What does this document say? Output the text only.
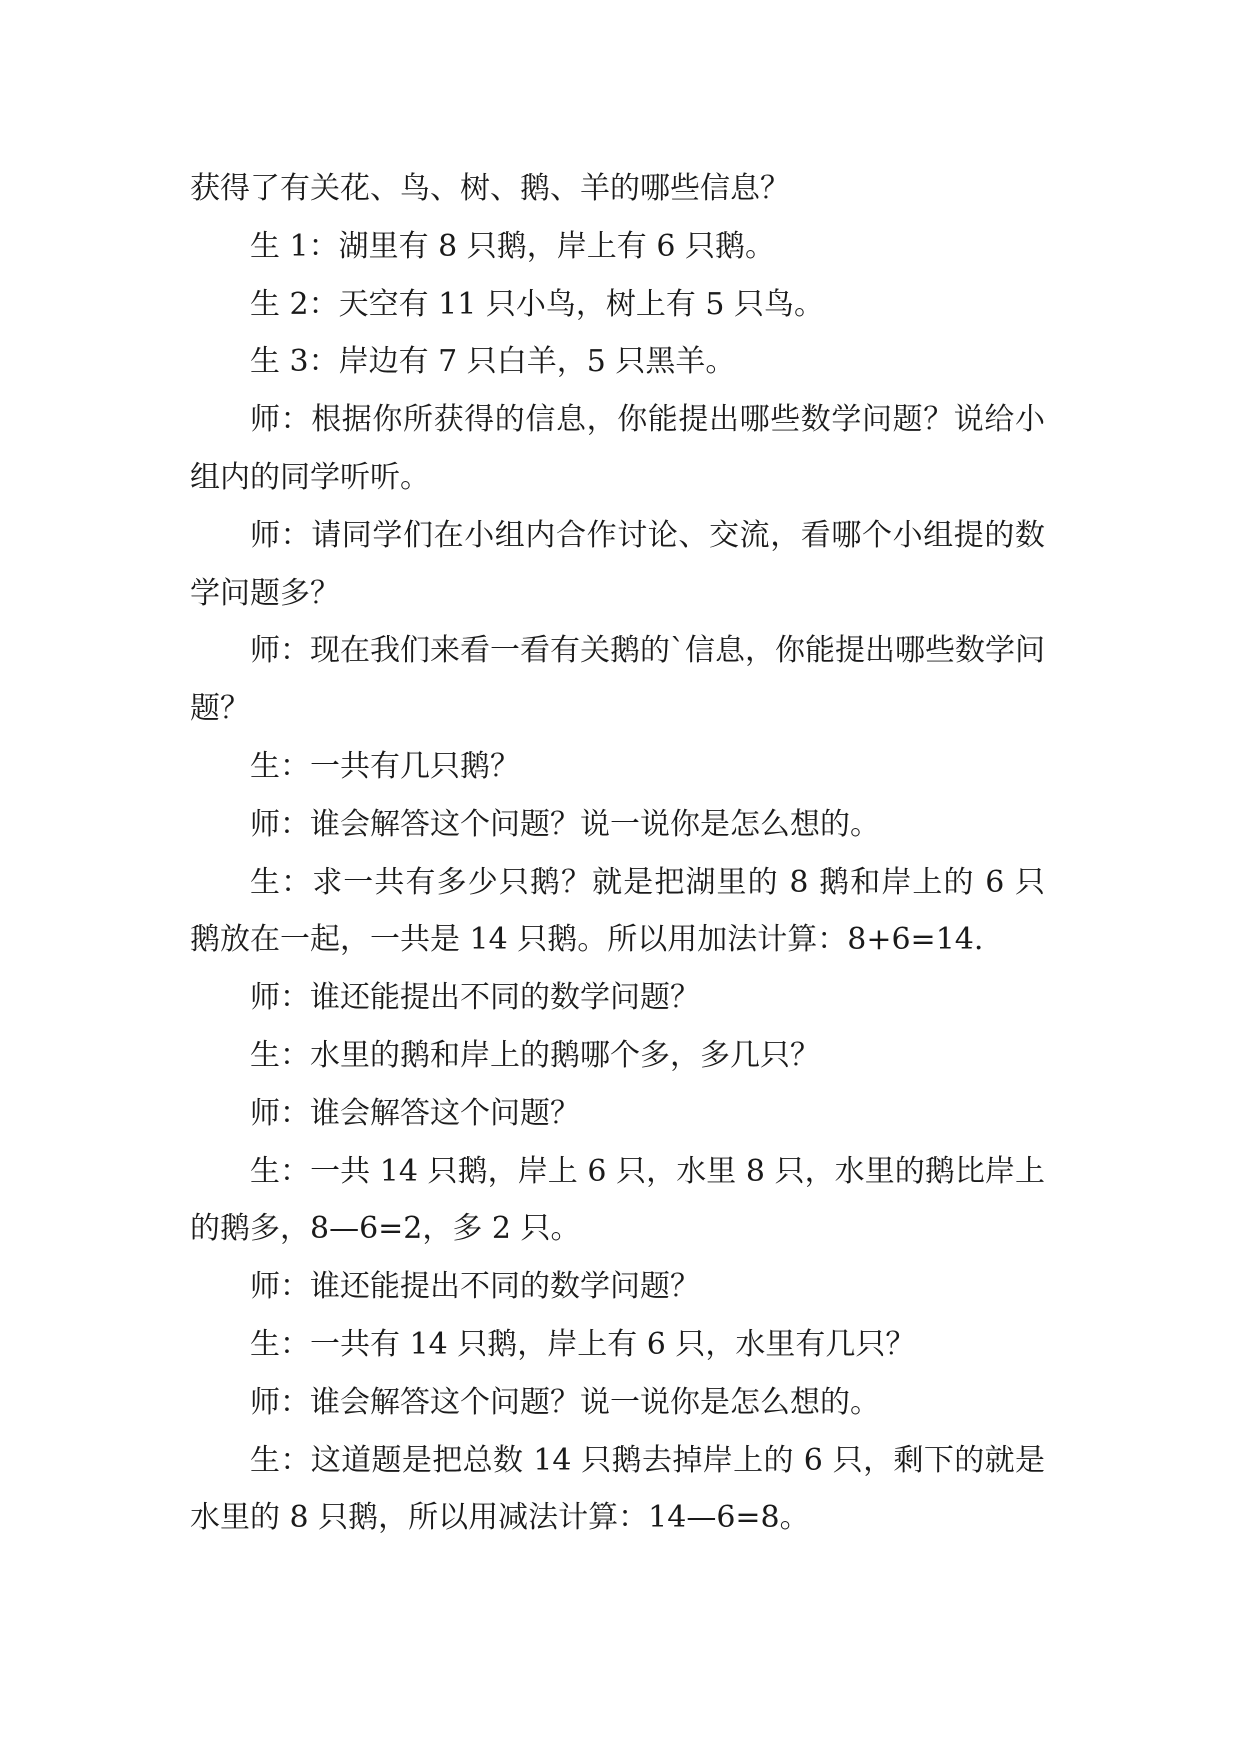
获得了有关花、鸟、树、鹅、羊的哪些信息？

生 1：湖里有 8 只鹅，岸上有 6 只鹅。

生 2：天空有 11 只小鸟，树上有 5 只鸟。

生 3：岸边有 7 只白羊，5 只黑羊。

师：根据你所获得的信息，你能提出哪些数学问题？说给小组内的同学听听。

师：请同学们在小组内合作讨论、交流，看哪个小组提的数学问题多？

师：现在我们来看一看有关鹅的`信息，你能提出哪些数学问题？

生：一共有几只鹅？

师：谁会解答这个问题？说一说你是怎么想的。

生：求一共有多少只鹅？就是把湖里的 8 鹅和岸上的 6 只鹅放在一起，一共是 14 只鹅。所以用加法计算：8+6=14.

师：谁还能提出不同的数学问题？

生：水里的鹅和岸上的鹅哪个多，多几只？

师：谁会解答这个问题？

生：一共 14 只鹅，岸上 6 只，水里 8 只，水里的鹅比岸上的鹅多，8—6=2，多 2 只。

师：谁还能提出不同的数学问题？

生：一共有 14 只鹅，岸上有 6 只，水里有几只？

师：谁会解答这个问题？说一说你是怎么想的。

生：这道题是把总数 14 只鹅去掉岸上的 6 只，剩下的就是水里的 8 只鹅，所以用减法计算：14—6=8。
